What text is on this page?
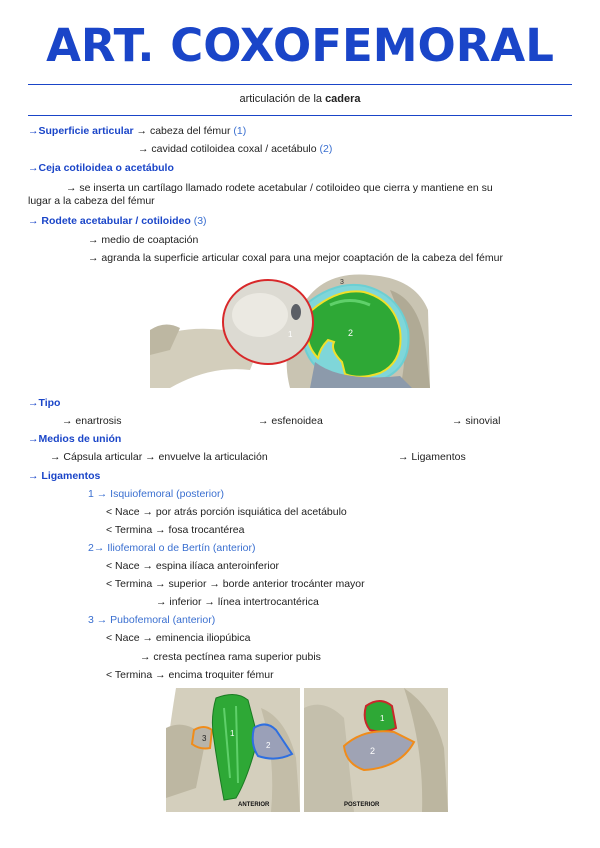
ART. COXOFEMORAL
articulación de la cadera
→Superficie articular → cabeza del fémur (1)
→ cavidad cotiloidea coxal / acetábulo (2)
→Ceja cotiloidea o acetábulo
→ se inserta un cartílago llamado rodete acetabular / cotiloideo que cierra y mantiene en su
lugar a la cabeza del fémur
→ Rodete acetabular / cotiloideo (3)
→ medio de coaptación
→ agranda la superficie articular coxal para una mejor coaptación de la cabeza del fémur
1	2
3
→Tipo
→ enartrosis	→ esfenoidea	→ sinovial
→Medios de unión
→ Cápsula articular → envuelve la articulación	→ Ligamentos
→ Ligamentos
1 → Isquiofemoral (posterior)
< Nace → por atrás porción isquiática del acetábulo
< Termina → fosa trocantérea
2→ Iliofemoral o de Bertín (anterior)
< Nace → espina ilíaca anteroinferior
< Termina → superior → borde anterior trocánter mayor
→ inferior → línea intertrocantérica
3 → Pubofemoral (anterior)
< Nace → eminencia iliopúbica
→ cresta pectínea rama superior pubis
< Termina → encima troquiter fémur
3
1
2
ANTERIOR
1
2
POSTERIOR
